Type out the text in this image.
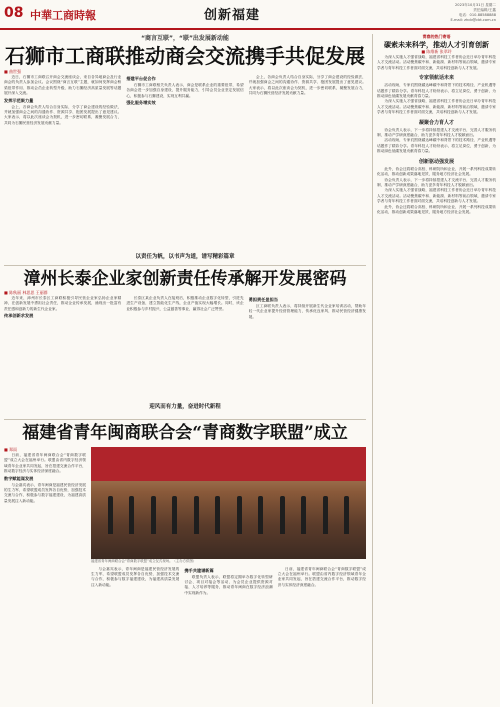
08 中華工商時報	创新福建
2023年10月31日 星期二
责任编辑/王鑫
电话：010-88588888
E-mail: zhcb@cbt.com.cn
“商言互联”，“联”出发展新动能
石狮市工商联推动商会交流携手共促发展
■ 曲世强

近日，石狮市工商联召开商会交流座谈会，来自各异地商会及行业商会的负责人参加会议。会议围绕“商言互联”主题，就如何发挥商会桥梁纽带作用、推动会员企业转型升级、助力石狮经济高质量发展等话题展开深入交流。

发挥示范聚力量

会上，各商会负责人结合自身实际，分享了商会建设的经验做法，并就加强商会之间的沟通协作、资源共享、抱团发展提出了意见建议。大家表示，将以此次座谈会为契机，进一步密切联系，凝聚发展合力，共同为石狮民营经济发展贡献力量。

搭建平台促合作

石狮市工商联相关负责人表示，商会是联系企业的重要纽带，希望各商会进一步加强自身建设，提升服务能力，引导会员企业坚定发展信心，积极参与石狮建设，实现互利共赢。

强化服务增实效

会上，各商会负责人结合自身实际，分享了商会建设的经验做法，并就加强商会之间的沟通协作、资源共享、抱团发展提出了意见建议。大家表示，将以此次座谈会为契机，进一步密切联系，凝聚发展合力，共同为石狮民营经济发展贡献力量。

以责任为帆，以书声为道，谱写精彩篇章
漳州长泰企业家创新责任传承解开发展密码
■ 陈秋丽 林思思 王丽群

近年来，漳州市长泰区工商联积极引导民营企业家弘扬企业家精神，在创新发展中勇担社会责任，推动企业传承发展，涌现出一批富有责任感和创新力的新生代企业家。

传承创新求发展

长泰区某企业负责人在接班后，积极推动企业数字化转型，引进先进生产设备，建立智能化生产线，企业产值实现大幅增长。同时，该企业积极参与乡村振兴、公益慈善等事业，赢得社会广泛赞誉。

勇担责任显担当

区工商联负责人表示，将持续开展新生代企业家培训活动，帮助年轻一代企业家提升经营管理能力，传承优良家风，推动民营经济健康发展。

迎风而有力量，奋进时代新程
福建省青年闽商联合会“青商数字联盟”成立
■ 郑雨

日前，福建省青年闽商联合会“青商数字联盟”成立大会在福州举行。联盟由省内数字经济领域青年企业家共同发起，旨在搭建交流合作平台，推动数字经济与实体经济深度融合。

数字赋能谋发展

与会嘉宾表示，青年闽商是福建民营经济发展的生力军，希望联盟成员发挥各自优势，加强技术交流与合作，积极参与数字福建建设，为福建高质量发展注入新动能。

福建省青年闽商联合会“青商数字联盟”成立仪式现场。（主办方供图）

与会嘉宾表示，青年闽商是福建民营经济发展的生力军，希望联盟成员发挥各自优势，加强技术交流与合作，积极参与数字福建建设，为福建高质量发展注入新动能。

携手共建谱新篇

联盟负责人表示，联盟将定期举办数字化转型研讨会、项目对接会等活动，为会员企业提供资源对接、人才培养等服务，推动青年闽商在数字经济浪潮中实现新作为。

日前，福建省青年闽商联合会“青商数字联盟”成立大会在福州举行。联盟由省内数字经济领域青年企业家共同发起，旨在搭建交流合作平台，推动数字经济与实体经济深度融合。

青春的热门寄语
碳索未来科学，推动人才引育创新
■ 陈维新 张翠玲

为深入实施人才强省战略，福建省科技工作者协会近日举办青年科技人才交流活动。活动聚焦碳中和、新能源、新材料等前沿领域，邀请专家学者与青年科技工作者面对面交流，共话科技创新与人才发展。

专家领航话未来

活动现场，专家们围绕碳达峰碳中和背景下的技术路径、产业机遇等话题作了精彩分享。青年科技人才纷纷表示，将立足岗位，勇于创新，为推动绿色低碳发展贡献青春力量。

为深入实施人才强省战略，福建省科技工作者协会近日举办青年科技人才交流活动。活动聚焦碳中和、新能源、新材料等前沿领域，邀请专家学者与青年科技工作者面对面交流，共话科技创新与人才发展。

凝聚合力育人才

协会负责人表示，下一步将持续搭建人才交流平台，完善人才服务机制，推动产学研深度融合，助力更多青年科技人才脱颖而出。

活动现场，专家们围绕碳达峰碳中和背景下的技术路径、产业机遇等话题作了精彩分享。青年科技人才纷纷表示，将立足岗位，勇于创新，为推动绿色低碳发展贡献青春力量。

创新驱动强发展

此外，协会还将联合高校、科研院所和企业，开展一系列科技成果转化活动，推动创新成果落地见效，服务地方经济社会发展。

协会负责人表示，下一步将持续搭建人才交流平台，完善人才服务机制，推动产学研深度融合，助力更多青年科技人才脱颖而出。

为深入实施人才强省战略，福建省科技工作者协会近日举办青年科技人才交流活动。活动聚焦碳中和、新能源、新材料等前沿领域，邀请专家学者与青年科技工作者面对面交流，共话科技创新与人才发展。

此外，协会还将联合高校、科研院所和企业，开展一系列科技成果转化活动，推动创新成果落地见效，服务地方经济社会发展。
